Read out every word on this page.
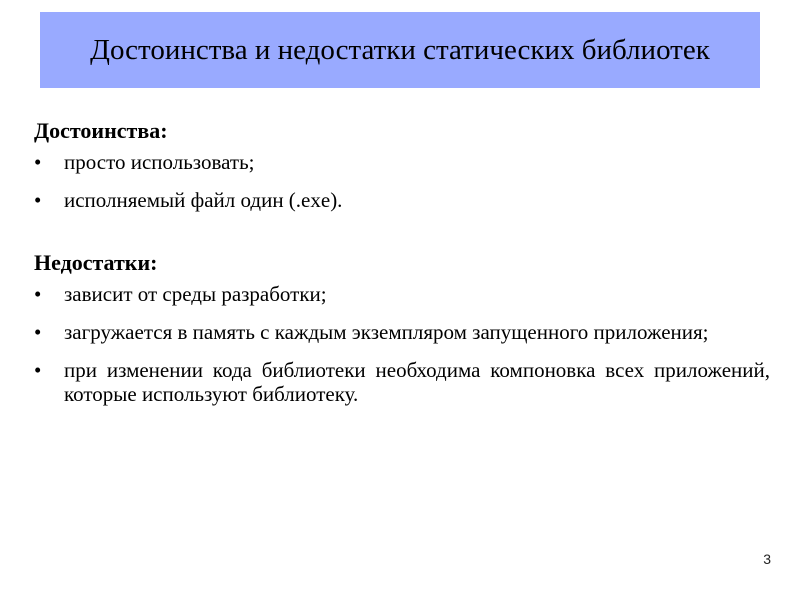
Достоинства и недостатки статических библиотек
Достоинства:
•	просто использовать;
•	исполняемый файл один (.exe).
Недостатки:
•	зависит от среды разработки;
•	загружается в память с каждым экземпляром запущенного приложения;
•	при изменении кода библиотеки необходима компоновка всех приложений, которые используют библиотеку.
3
